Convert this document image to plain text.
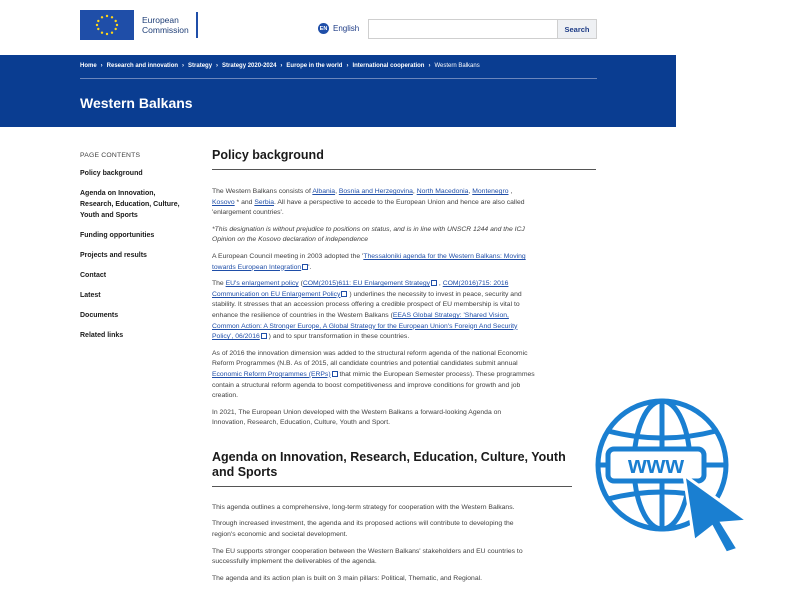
European
Commission	EN English	Search
Home › Research and innovation › Strategy › Strategy 2020-2024 › Europe in the world › International cooperation › Western Balkans
Western Balkans
PAGE CONTENTS
Policy background
Agenda on Innovation, Research, Education, Culture, Youth and Sports
Funding opportunities
Projects and results
Contact
Latest
Documents
Related links
Policy background
The Western Balkans consists of Albania, Bosnia and Herzegovina, North Macedonia, Montenegro , Kosovo * and Serbia. All have a perspective to accede to the European Union and hence are also called 'enlargement countries'.
*This designation is without prejudice to positions on status, and is in line with UNSCR 1244 and the ICJ Opinion on the Kosovo declaration of independence
A European Council meeting in 2003 adopted the 'Thessaloniki agenda for the Western Balkans: Moving towards European Integration '.
The EU's enlargement policy (COM(2015)611: EU Enlargement Strategy , COM(2016)715: 2016 Communication on EU Enlargement Policy ) underlines the necessity to invest in peace, security and stability. It stresses that an accession process offering a credible prospect of EU membership is vital to enhance the resilience of countries in the Western Balkans (EEAS Global Strategy: 'Shared Vision, Common Action: A Stronger Europe, A Global Strategy for the European Union's Foreign And Security Policy', 06/2016 ) and to spur transformation in these countries.
As of 2016 the innovation dimension was added to the structural reform agenda of the national Economic Reform Programmes (N.B. As of 2015, all candidate countries and potential candidates submit annual Economic Reform Programmes (ERPs) that mimic the European Semester process). These programmes contain a structural reform agenda to boost competitiveness and improve conditions for growth and job creation.
In 2021, The European Union developed with the Western Balkans a forward-looking Agenda on Innovation, Research, Education, Culture, Youth and Sport.
Agenda on Innovation, Research, Education, Culture, Youth and Sports
This agenda outlines a comprehensive, long-term strategy for cooperation with the Western Balkans.
Through increased investment, the agenda and its proposed actions will contribute to developing the region's economic and societal development.
The EU supports stronger cooperation between the Western Balkans' stakeholders and EU countries to successfully implement the deliverables of the agenda.
The agenda and its action plan is built on 3 main pillars: Political, Thematic, and Regional.
www
